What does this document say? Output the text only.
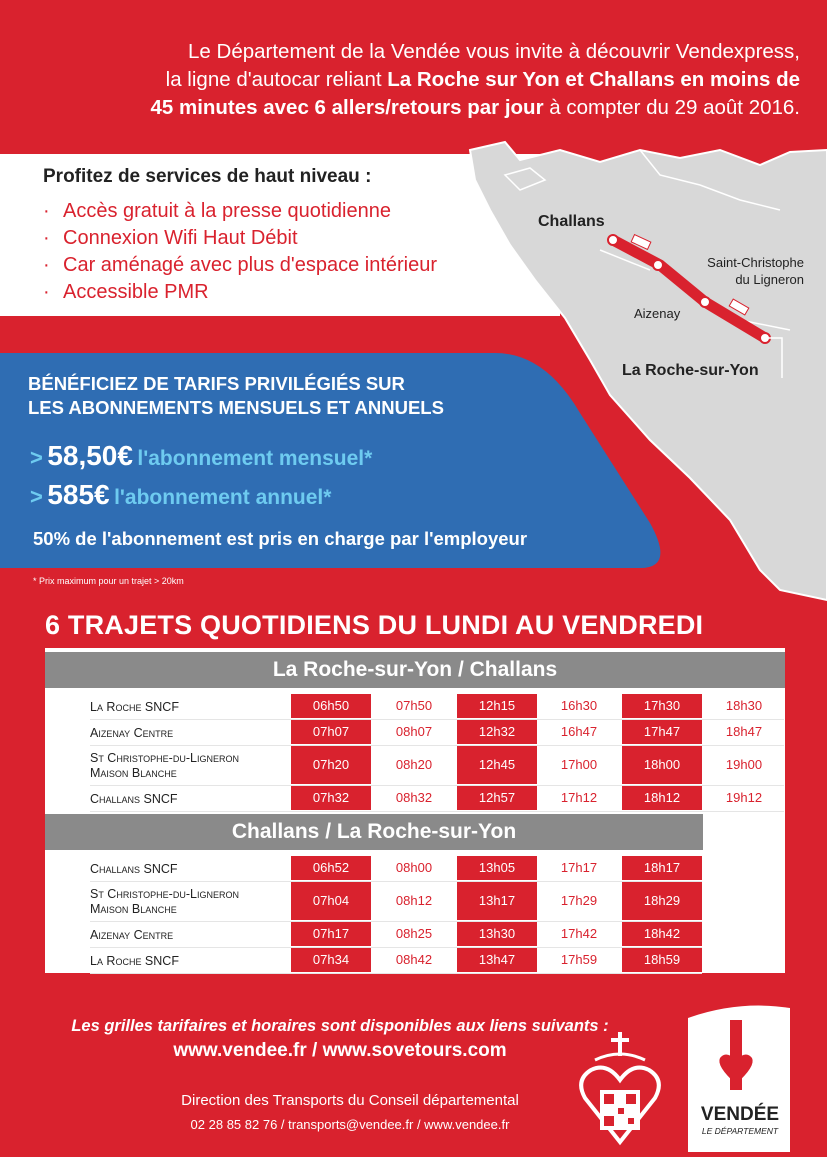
Le Département de la Vendée vous invite à découvrir Vendexpress,
la ligne d'autocar reliant La Roche sur Yon et Challans en moins de
45 minutes avec 6 allers/retours par jour à compter du 29 août 2016.
Profitez de services de haut niveau :
· Accès gratuit à la presse quotidienne
· Connexion Wifi Haut Débit
· Car aménagé avec plus d'espace intérieur
· Accessible PMR
Challans
Saint-Christophe
du Ligneron
Aizenay
La Roche-sur-Yon
BÉNÉFICIEZ DE TARIFS PRIVILÉGIÉS SUR
LES ABONNEMENTS MENSUELS ET ANNUELS
> 58,50€ l'abonnement mensuel*
> 585€ l'abonnement annuel*
50% de l'abonnement est pris en charge par l'employeur
* Prix maximum pour un trajet > 20km
6 TRAJETS QUOTIDIENS DU LUNDI AU VENDREDI
La Roche-sur-Yon / Challans
La Roche SNCF	06h50	07h50	12h15	16h30	17h30	18h30
Aizenay Centre	07h07	08h07	12h32	16h47	17h47	18h47
St Christophe-du-Ligneron
Maison Blanche
07h20	08h20	12h45	17h00	18h00	19h00
Challans SNCF	07h32	08h32	12h57	17h12	18h12	19h12
Challans / La Roche-sur-Yon
Challans SNCF	06h52	08h00	13h05	17h17	18h17
St Christophe-du-Ligneron
Maison Blanche
07h04	08h12	13h17	17h29	18h29
Aizenay Centre	07h17	08h25	13h30	17h42	18h42
La Roche SNCF	07h34	08h42	13h47	17h59	18h59
Les grilles tarifaires et horaires sont disponibles aux liens suivants :
www.vendee.fr / www.sovetours.com
Direction des Transports du Conseil départemental
02 28 85 82 76 / transports@vendee.fr / www.vendee.fr	VENDÉE
LE DÉPARTEMENT
